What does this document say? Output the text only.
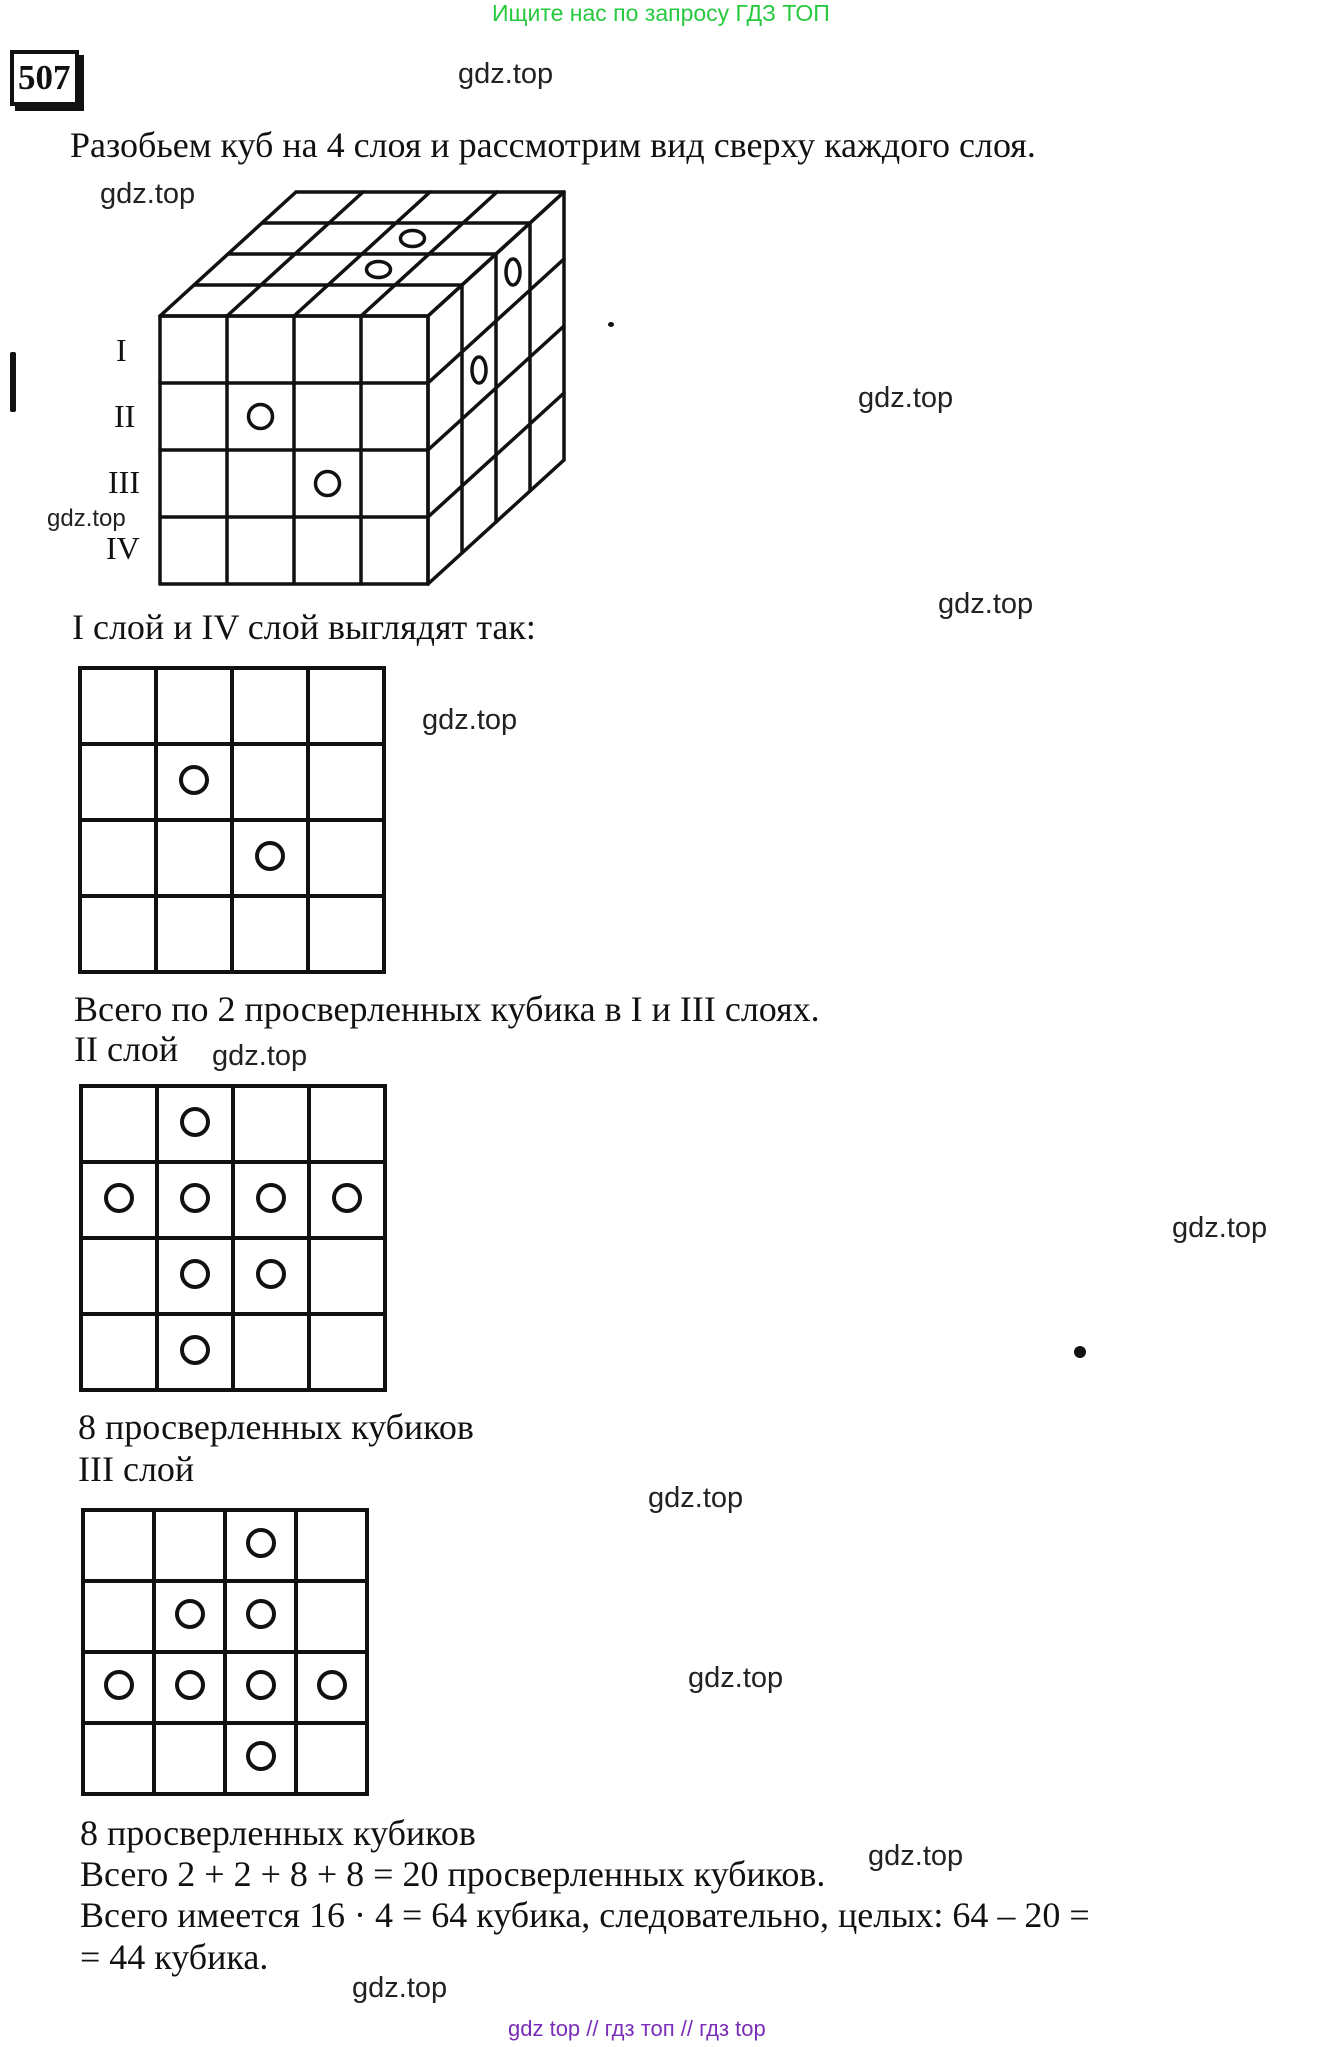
Ищите нас по запросу ГДЗ ТОП
507	gdz.top
gdz.top
gdz.top
gdz.top
gdz.top
gdz.top
gdz.top
gdz.top
gdz.top
gdz.top
gdz.top
gdz.top
Разобьем куб на 4 слоя и рассмотрим вид сверху каждого слоя.
I
II
III
IV
I слой и IV слой выглядят так:

Всего по 2 просверленных кубика в I и III слоях.
II слой

8 просверленных кубиков
III слой

8 просверленных кубиков
Всего 2 + 2 + 8 + 8 = 20 просверленных кубиков.
Всего имеется 16 · 4 = 64 кубика, следовательно, целых: 64 – 20 =
= 44 кубика.
gdz top // гдз топ // гдз top
